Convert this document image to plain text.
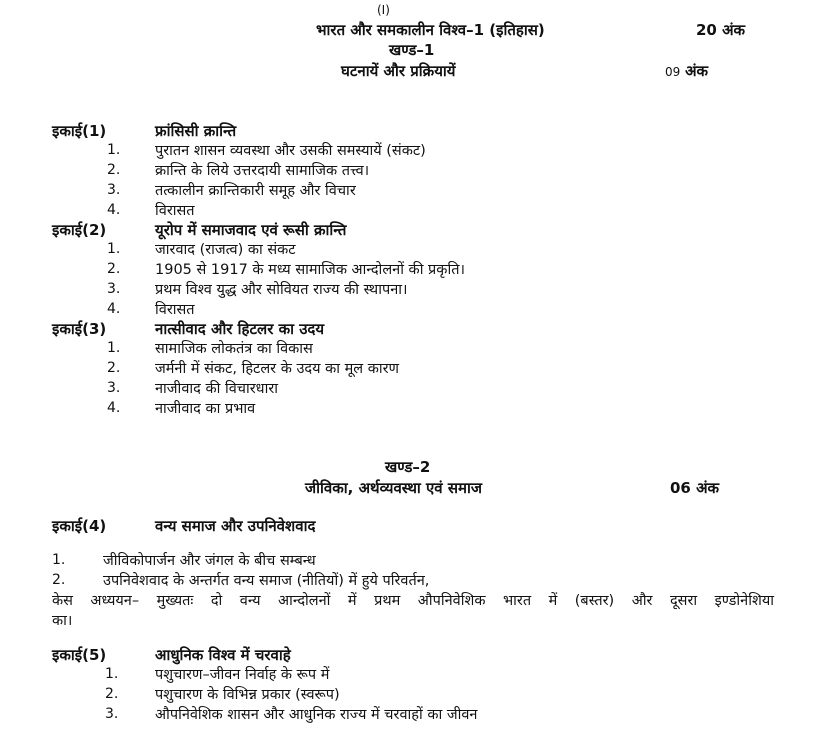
(I)
भारत और समकालीन विश्व–1 (इतिहास)	20 अंक
खण्ड–1
घटनायें और प्रक्रियायें	09 अंक
इकाई(1)	फ्रांसिसी क्रान्ति
1. पुरातन शासन व्यवस्था और उसकी समस्यायें (संकट)
2. क्रान्ति के लिये उत्तरदायी सामाजिक तत्त्व।
3. तत्कालीन क्रान्तिकारी समूह और विचार
4. विरासत
इकाई(2)	यूरोप में समाजवाद एवं रूसी क्रान्ति
1. जारवाद (राजत्व) का संकट
2. 1905 से 1917 के मध्य सामाजिक आन्दोलनों की प्रकृति।
3. प्रथम विश्व युद्ध और सोवियत राज्य की स्थापना।
4. विरासत
इकाई(3)	नात्सीवाद और हिटलर का उदय
1. सामाजिक लोकतंत्र का विकास
2. जर्मनी में संकट, हिटलर के उदय का मूल कारण
3. नाजीवाद की विचारधारा
4. नाजीवाद का प्रभाव
खण्ड–2
जीविका, अर्थव्यवस्था एवं समाज	06 अंक
इकाई(4)	वन्य समाज और उपनिवेशवाद
1.	जीविकोपार्जन और जंगल के बीच सम्बन्ध
2.	उपनिवेशवाद के अन्तर्गत वन्य समाज (नीतियों) में हुये परिवर्तन,
केस अध्ययन– मुख्यतः दो वन्य आन्दोलनों में प्रथम औपनिवेशिक भारत में (बस्तर) और दूसरा इण्डोनेशिया
का।
इकाई(5)	आधुनिक विश्व में चरवाहे
1.	पशुचारण–जीवन निर्वाह के रूप में
2.	पशुचारण के विभिन्न प्रकार (स्वरूप)
3.	औपनिवेशिक शासन और आधुनिक राज्य में चरवाहों का जीवन
